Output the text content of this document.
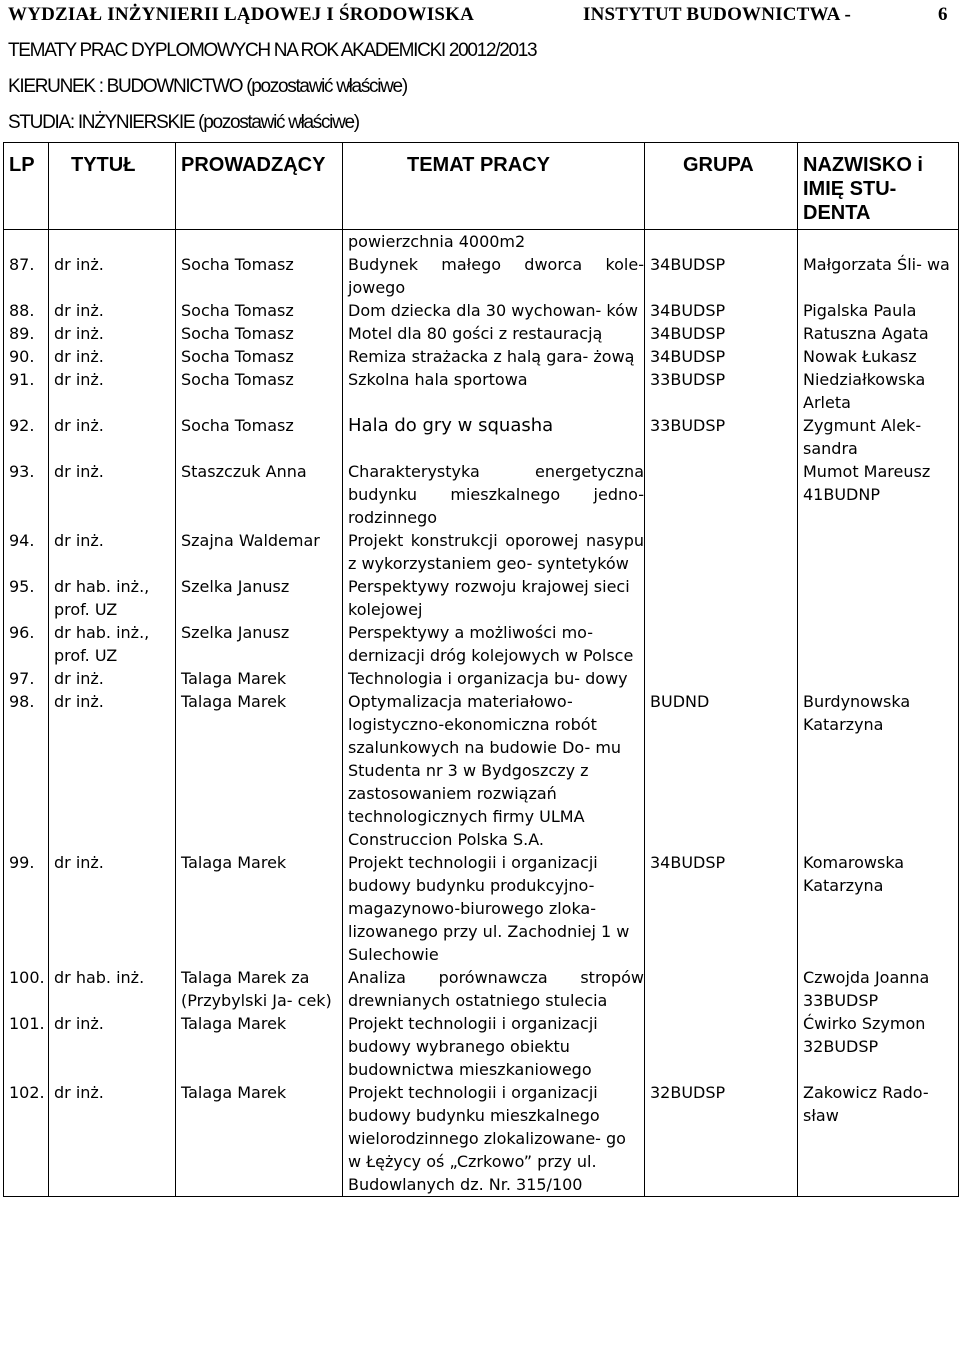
WYDZIAŁ INŻYNIERII LĄDOWEJ I ŚRODOWISKA	INSTYTUT BUDOWNICTWA -	6
TEMATY PRAC DYPLOMOWYCH NA ROK AKADEMICKI 20012/2013
KIERUNEK : BUDOWNICTWO (pozostawić właściwe)
STUDIA: INŻYNIERSKIE (pozostawić właściwe)
LP	TYTUŁ	PROWADZĄCY	TEMAT PRACY	GRUPA	NAZWISKO i IMIĘ STU- DENTA
			powierzchnia 4000m2		
87.	dr inż.	Socha Tomasz	Budynek małego dworca kole- jowego	34BUDSP	Małgorzata Śli- wa
88.	dr inż.	Socha Tomasz	Dom dziecka dla 30 wychowan- ków	34BUDSP	Pigalska Paula
89.	dr inż.	Socha Tomasz	Motel dla 80 gości z restauracją	34BUDSP	Ratuszna Agata
90.	dr inż.	Socha Tomasz	Remiza strażacka z halą gara- żową	34BUDSP	Nowak Łukasz
91.	dr inż.	Socha Tomasz	Szkolna hala sportowa	33BUDSP	Niedziałkowska Arleta
92.	dr inż.	Socha Tomasz	Hala do gry w squasha	33BUDSP	Zygmunt Alek- sandra
93.	dr inż.	Staszczuk Anna	Charakterystyka energetyczna budynku mieszkalnego jedno- rodzinnego		Mumot Mareusz 41BUDNP
94.	dr inż.	Szajna Waldemar	Projekt konstrukcji oporowej nasypu z wykorzystaniem geo- syntetyków		
95.	dr hab. inż., prof. UZ	Szelka Janusz	Perspektywy rozwoju krajowej sieci kolejowej		
96.	dr hab. inż., prof. UZ	Szelka Janusz	Perspektywy a możliwości mo- dernizacji dróg kolejowych w Polsce		
97.	dr inż.	Talaga Marek	Technologia i organizacja bu- dowy		
98.	dr inż.	Talaga Marek	Optymalizacja materiałowo- logistyczno-ekonomiczna robót szalunkowych na budowie Do- mu Studenta nr 3 w Bydgoszczy z zastosowaniem rozwiązań technologicznych firmy ULMA Construccion Polska S.A.	BUDND	Burdynowska Katarzyna
99.	dr inż.	Talaga Marek	Projekt technologii i organizacji budowy budynku produkcyjno- magazynowo-biurowego zloka- lizowanego przy ul. Zachodniej 1 w Sulechowie	34BUDSP	Komarowska Katarzyna
100.	dr hab. inż.	Talaga Marek za (Przybylski Ja- cek)	Analiza porównawcza stropów drewnianych ostatniego stulecia		Czwojda Joanna 33BUDSP
101.	dr inż.	Talaga Marek	Projekt technologii i organizacji budowy wybranego obiektu budownictwa mieszkaniowego		Ćwirko Szymon 32BUDSP
102.	dr inż.	Talaga Marek	Projekt technologii i organizacji budowy budynku mieszkalnego wielorodzinnego zlokalizowane- go w Łężycy oś „Czrkowo” przy ul. Budowlanych dz. Nr. 315/100	32BUDSP	Zakowicz Rado- sław
